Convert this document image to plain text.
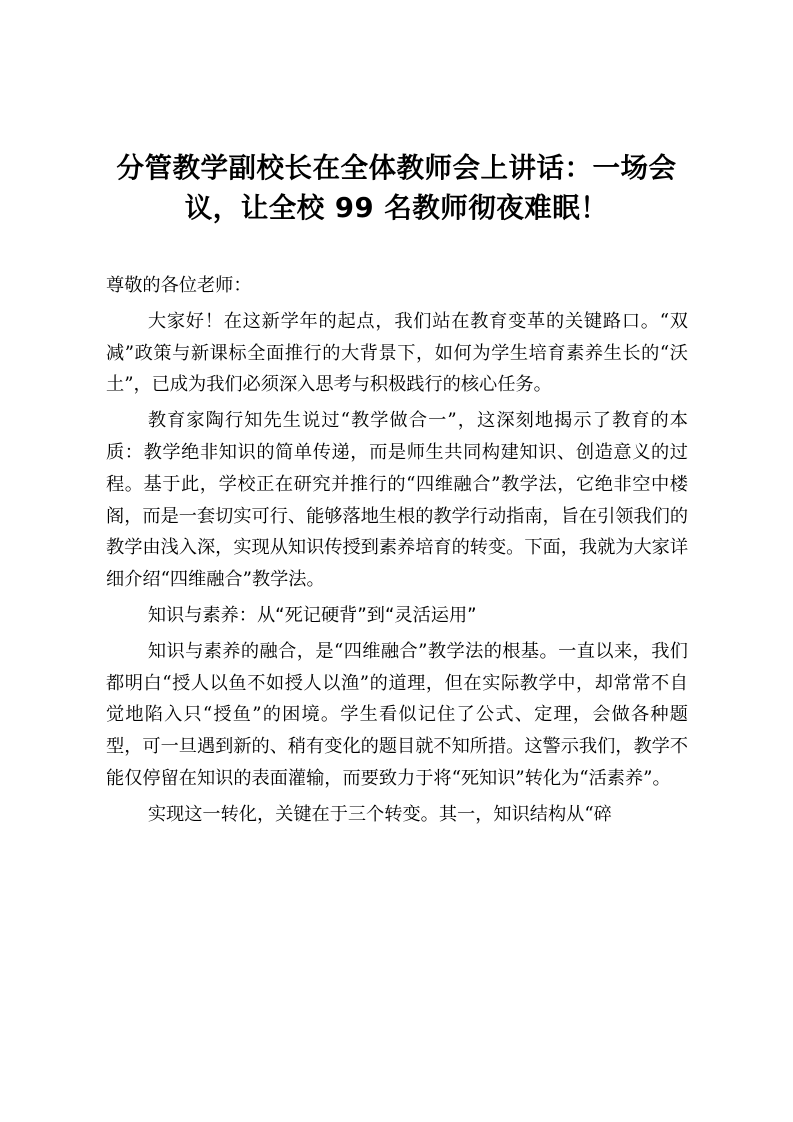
分管教学副校长在全体教师会上讲话：一场会议，让全校 99 名教师彻夜难眠！

尊敬的各位老师：

大家好！在这新学年的起点，我们站在教育变革的关键路口。“双减”政策与新课标全面推行的大背景下，如何为学生培育素养生长的“沃土”，已成为我们必须深入思考与积极践行的核心任务。

教育家陶行知先生说过“教学做合一”，这深刻地揭示了教育的本质：教学绝非知识的简单传递，而是师生共同构建知识、创造意义的过程。基于此，学校正在研究并推行的“四维融合”教学法，它绝非空中楼阁，而是一套切实可行、能够落地生根的教学行动指南，旨在引领我们的教学由浅入深，实现从知识传授到素养培育的转变。下面，我就为大家详细介绍“四维融合”教学法。

知识与素养：从“死记硬背”到“灵活运用”

知识与素养的融合，是“四维融合”教学法的根基。一直以来，我们都明白“授人以鱼不如授人以渔”的道理，但在实际教学中，却常常不自觉地陷入只“授鱼”的困境。学生看似记住了公式、定理，会做各种题型，可一旦遇到新的、稍有变化的题目就不知所措。这警示我们，教学不能仅停留在知识的表面灌输，而要致力于将“死知识”转化为“活素养”。

实现这一转化，关键在于三个转变。其一，知识结构从“碎
